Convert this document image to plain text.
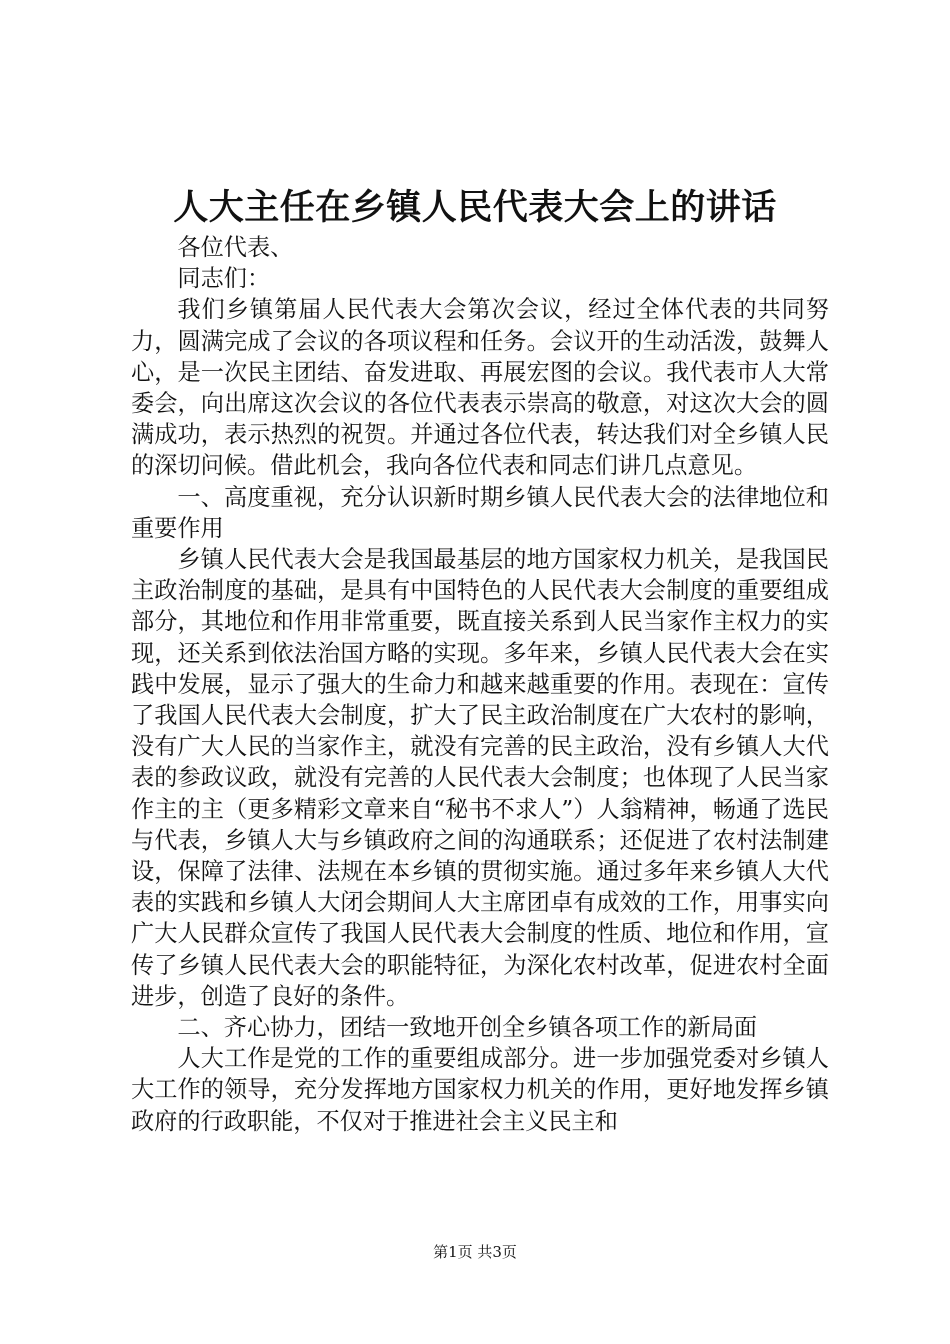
人大主任在乡镇人民代表大会上的讲话

各位代表、

同志们：

我们乡镇第届人民代表大会第次会议，经过全体代表的共同努力，圆满完成了会议的各项议程和任务。会议开的生动活泼，鼓舞人心，是一次民主团结、奋发进取、再展宏图的会议。我代表市人大常委会，向出席这次会议的各位代表表示崇高的敬意，对这次大会的圆满成功，表示热烈的祝贺。并通过各位代表，转达我们对全乡镇人民的深切问候。借此机会，我向各位代表和同志们讲几点意见。

一、高度重视，充分认识新时期乡镇人民代表大会的法律地位和重要作用

乡镇人民代表大会是我国最基层的地方国家权力机关，是我国民主政治制度的基础，是具有中国特色的人民代表大会制度的重要组成部分，其地位和作用非常重要，既直接关系到人民当家作主权力的实现，还关系到依法治国方略的实现。多年来，乡镇人民代表大会在实践中发展，显示了强大的生命力和越来越重要的作用。表现在：宣传了我国人民代表大会制度，扩大了民主政治制度在广大农村的影响，没有广大人民的当家作主，就没有完善的民主政治，没有乡镇人大代表的参政议政，就没有完善的人民代表大会制度；也体现了人民当家作主的主（更多精彩文章来自“秘书不求人”）人翁精神，畅通了选民与代表，乡镇人大与乡镇政府之间的沟通联系；还促进了农村法制建设，保障了法律、法规在本乡镇的贯彻实施。通过多年来乡镇人大代表的实践和乡镇人大闭会期间人大主席团卓有成效的工作，用事实向广大人民群众宣传了我国人民代表大会制度的性质、地位和作用，宣传了乡镇人民代表大会的职能特征，为深化农村改革，促进农村全面进步，创造了良好的条件。

二、齐心协力，团结一致地开创全乡镇各项工作的新局面

人大工作是党的工作的重要组成部分。进一步加强党委对乡镇人大工作的领导，充分发挥地方国家权力机关的作用，更好地发挥乡镇政府的行政职能，不仅对于推进社会主义民主和

第1页 共3页
